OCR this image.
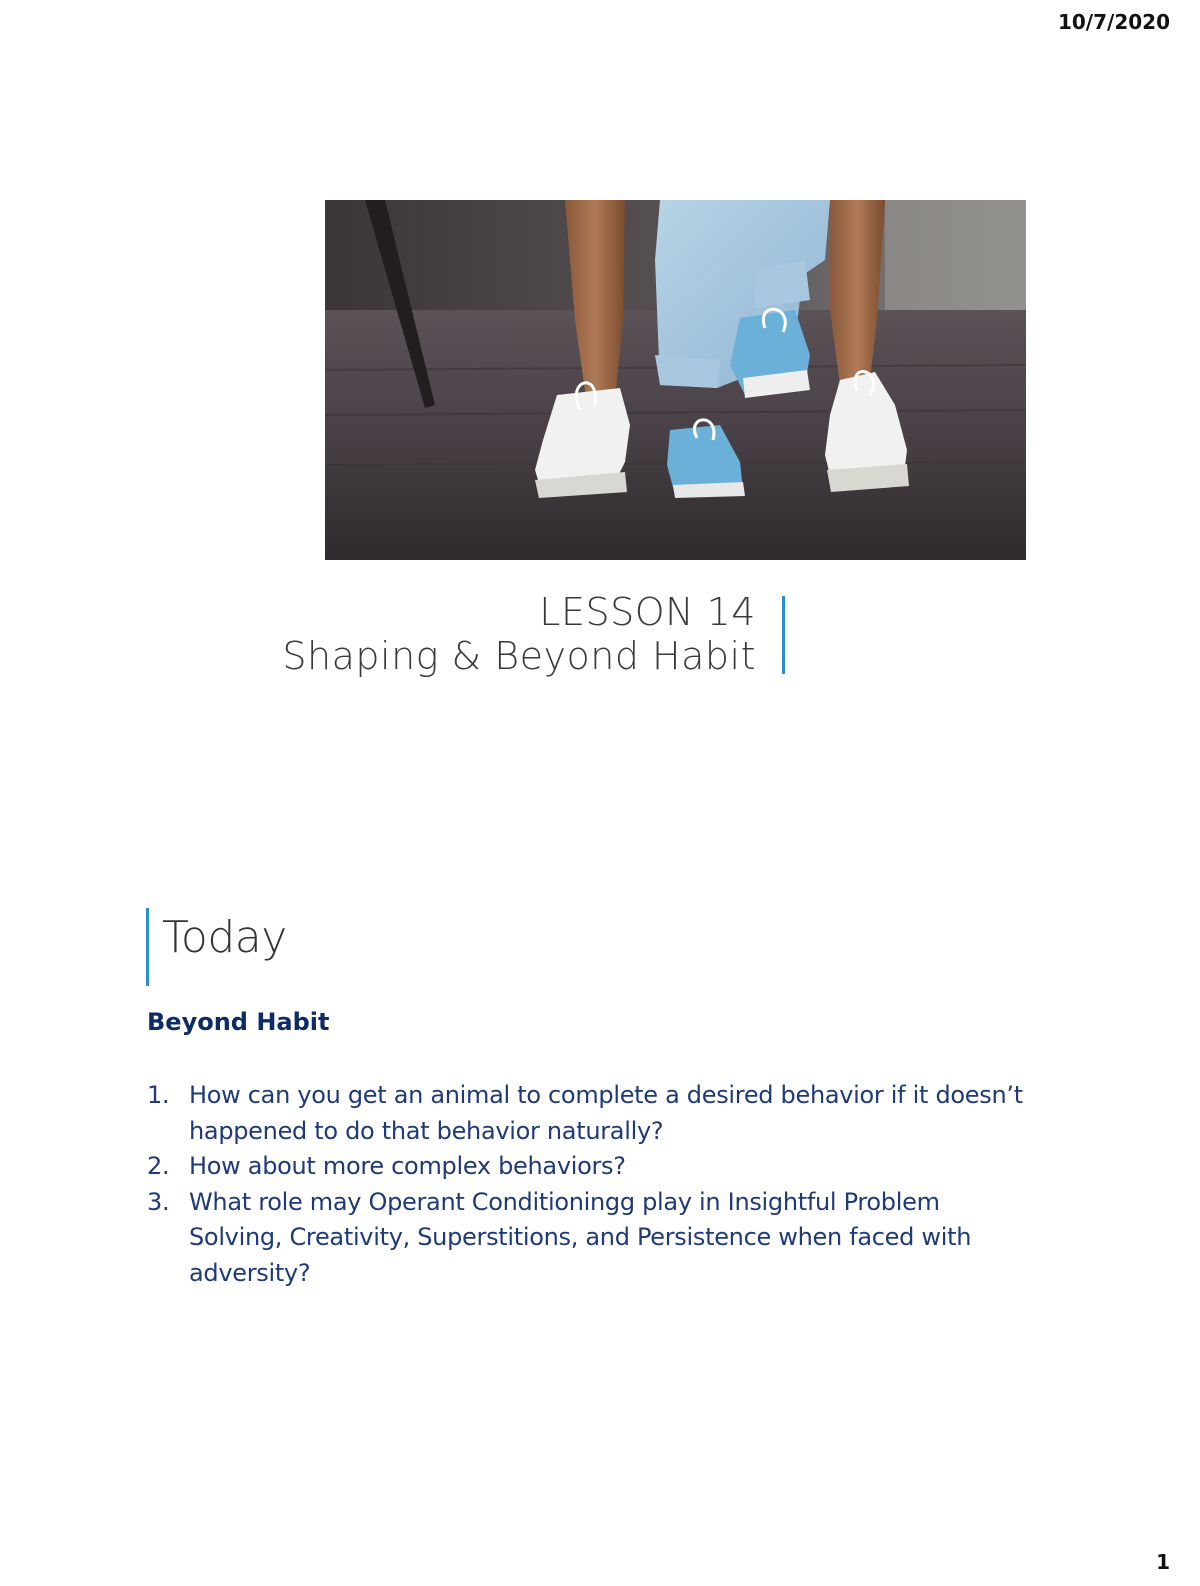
10/7/2020
LESSON 14
Shaping & Beyond Habit
Today
Beyond Habit
1. How can you get an animal to complete a desired behavior if it doesn’t happened to do that behavior naturally?
2. How about more complex behaviors?
3. What role may Operant Conditioningg play in Insightful Problem Solving, Creativity, Superstitions, and Persistence when faced with adversity?
1
